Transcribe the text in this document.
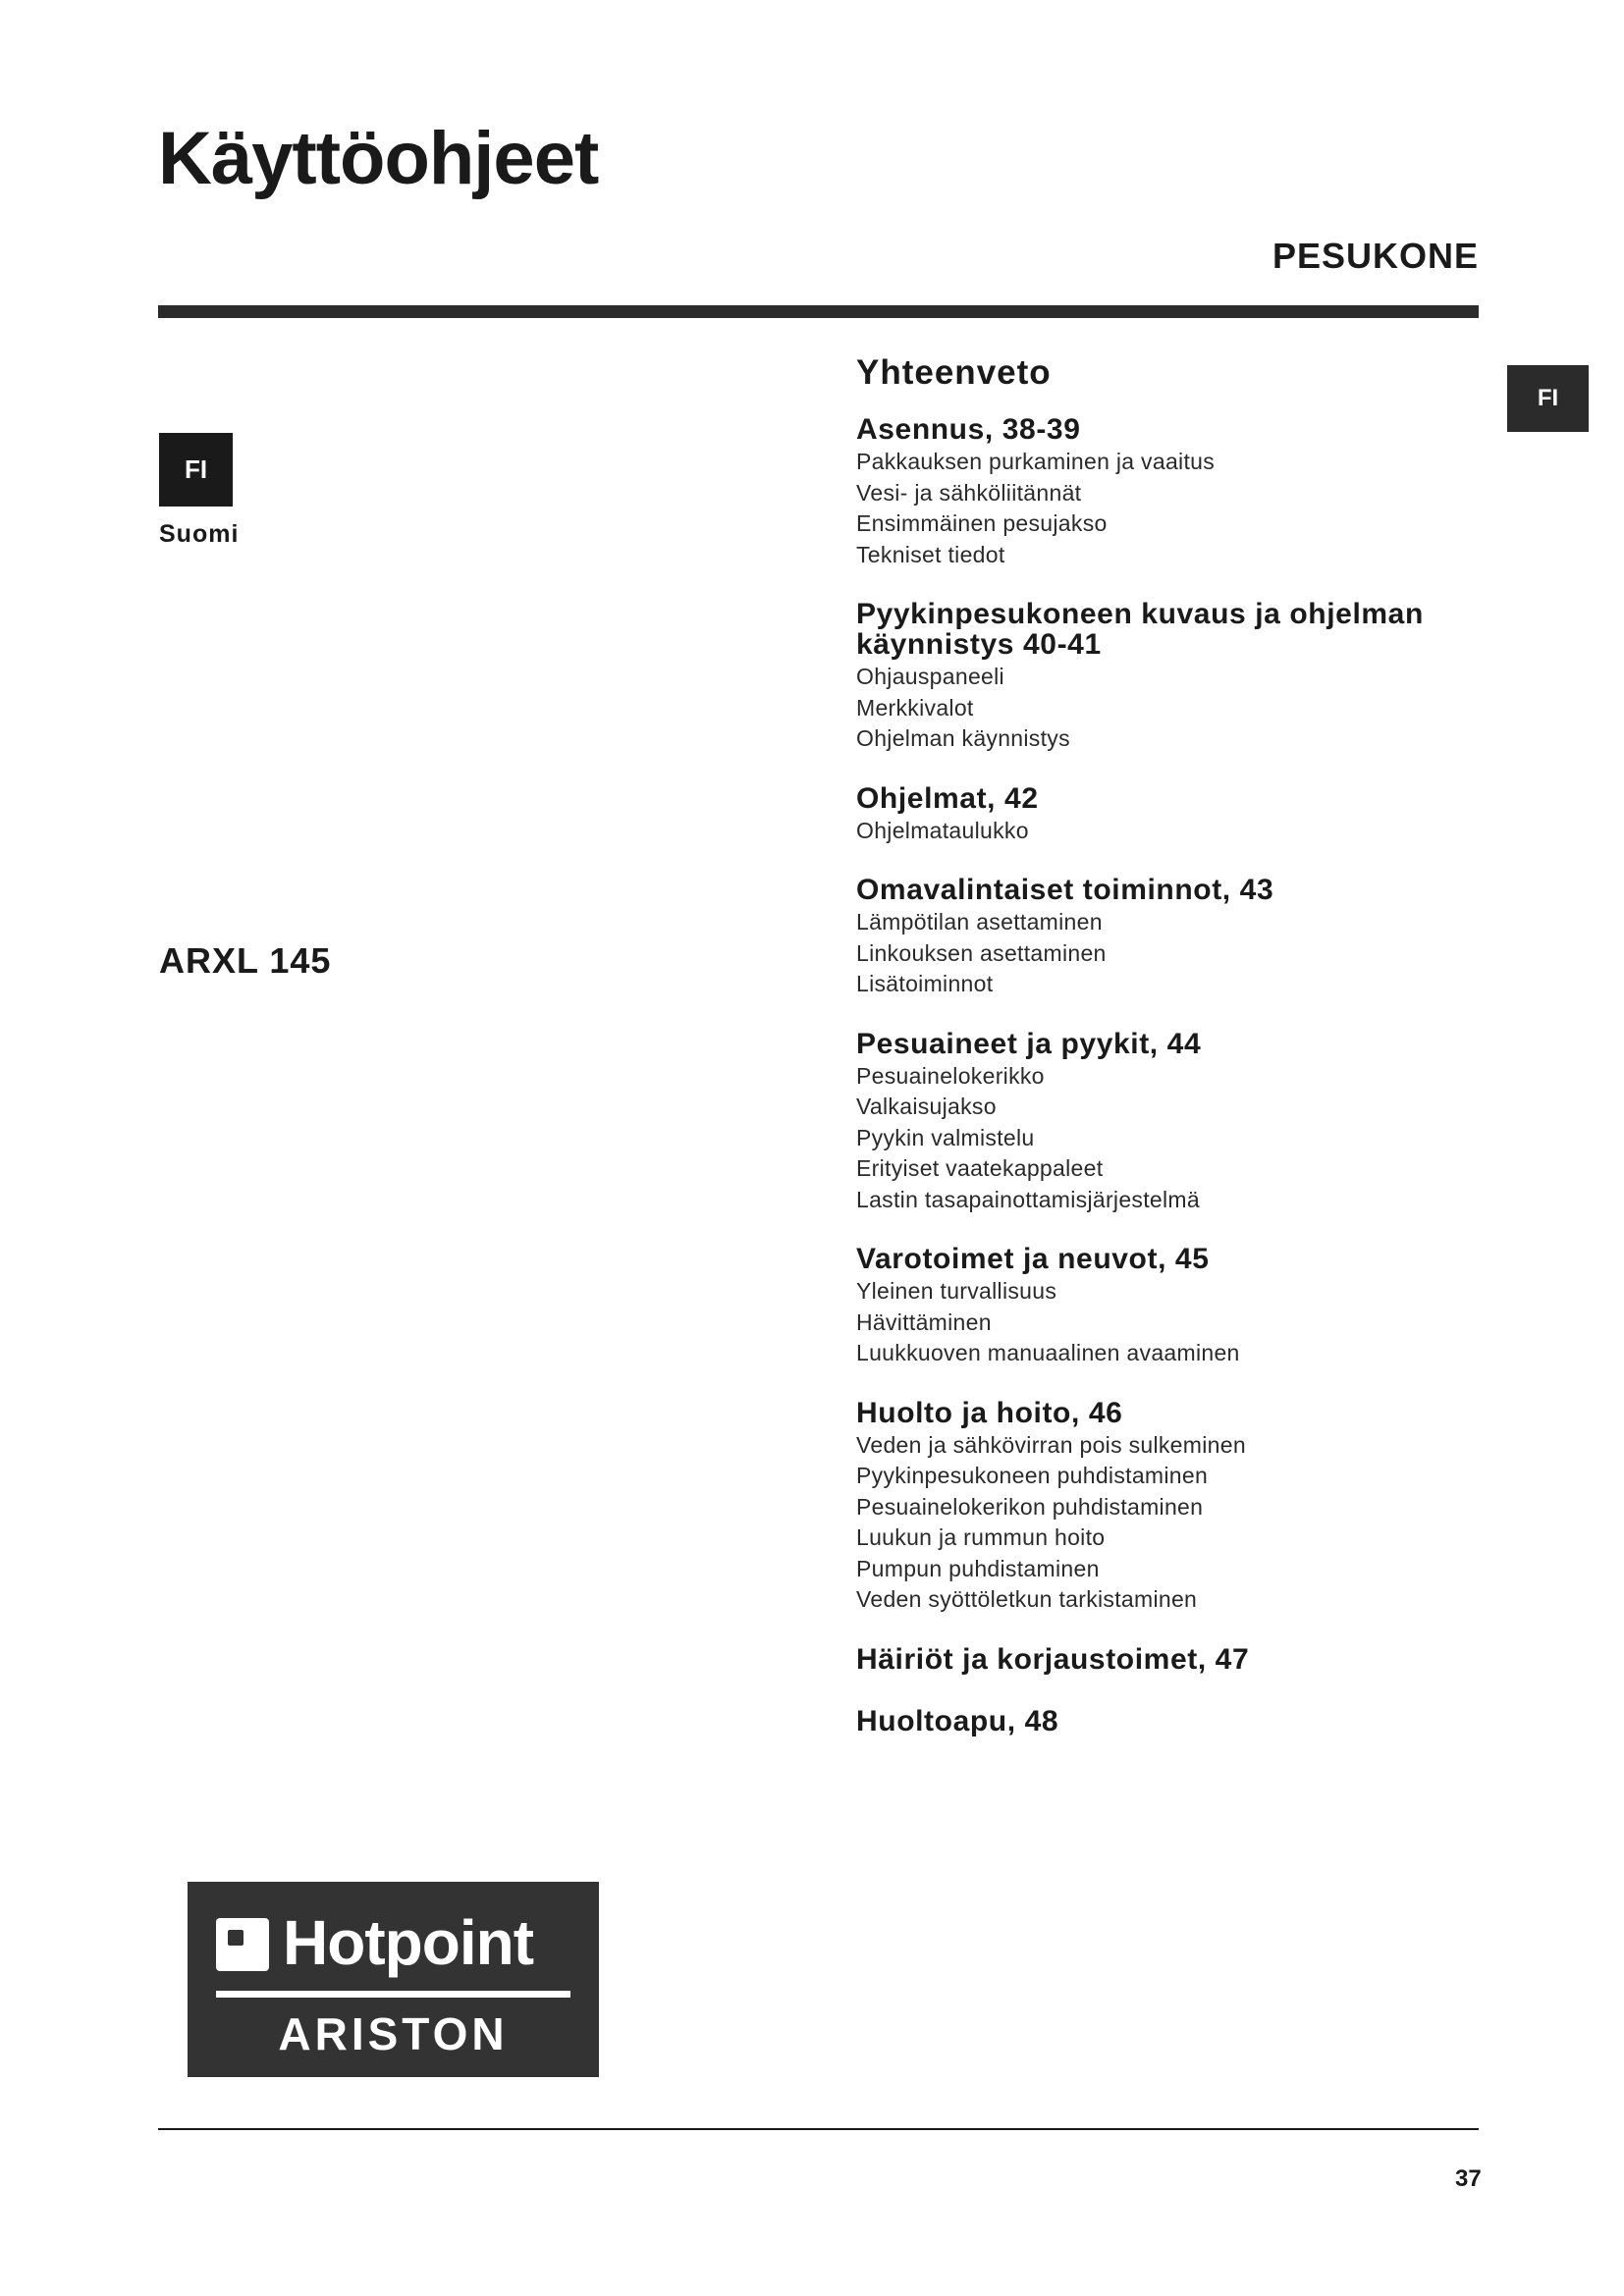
Käyttöohjeet
PESUKONE
FI
Suomi
FI
ARXL 145
Yhteenveto
Asennus, 38-39
Pakkauksen purkaminen ja vaaitus
Vesi- ja sähköliitännät
Ensimmäinen pesujakso
Tekniset tiedot
Pyykinpesukoneen kuvaus ja ohjelman käynnistys 40-41
Ohjauspaneeli
Merkkivalot
Ohjelman käynnistys
Ohjelmat, 42
Ohjelmataulukko
Omavalintaiset toiminnot, 43
Lämpötilan asettaminen
Linkouksen asettaminen
Lisätoiminnot
Pesuaineet ja pyykit, 44
Pesuainelokerikko
Valkaisujakso
Pyykin valmistelu
Erityiset vaatekappaleet
Lastin tasapainottamisjärjestelmä
Varotoimet ja neuvot, 45
Yleinen turvallisuus
Hävittäminen
Luukkuoven manuaalinen avaaminen
Huolto ja hoito, 46
Veden ja sähkövirran pois sulkeminen
Pyykinpesukoneen puhdistaminen
Pesuainelokerikon puhdistaminen
Luukun ja rummun hoito
Pumpun puhdistaminen
Veden syöttöletkun tarkistaminen
Häiriöt ja korjaustoimet, 47
Huoltoapu, 48
Hotpoint
ARISTON
37
